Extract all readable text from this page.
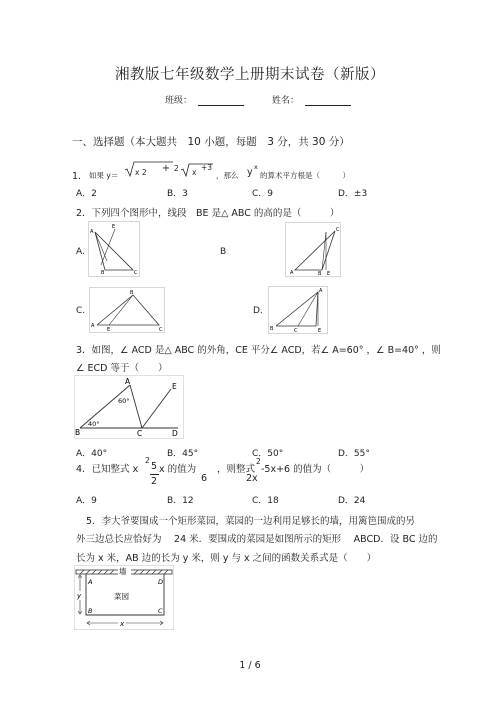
湘教版七年级数学上册期末试卷（新版）
班级：	姓名：
一、选择题（本大题共　10 小题，每题　3 分，共 30 分）
1． 如果 y＝ x 2 + 2 x
+3
，那么 y x
的算术平方根是（　　　）
A．2	B．3	C．9	D．±3
2．下列四个图形中，线段　BE 是△ ABC 的高的是（　　　）
A.
A
C
B
E
B
C
B
A	E
C.
A
C
B
E
D.
B	C
A
E
3．如图，∠ ACD 是△ ABC 的外角，CE 平分∠ ACD，若∠ A=60° ，∠ B=40° ，则
∠ ECD 等于（　　）
B
A
C	D
E
60°
40°
A．40°	B．45°	C．50°	D．55°
4．已知整式 x
2
5 x 的值为
2	6
，则整式
2
-5x+6 的值为（　　　）
2x
A．9	B．12	C．18	D．24
5．李大爷要围成一个矩形菜园，菜园的一边利用足够长的墙，用篱笆围成的另
外三边总长应恰好为　 24 米．要围成的菜园是如图所示的矩形　 ABCD．设 BC 边的
长为 x 米，AB 边的长为 y 米，则 y 与 x 之间的函数关系式是（　　）
墙
A	D
B	C
菜园
y
x
1 / 6
